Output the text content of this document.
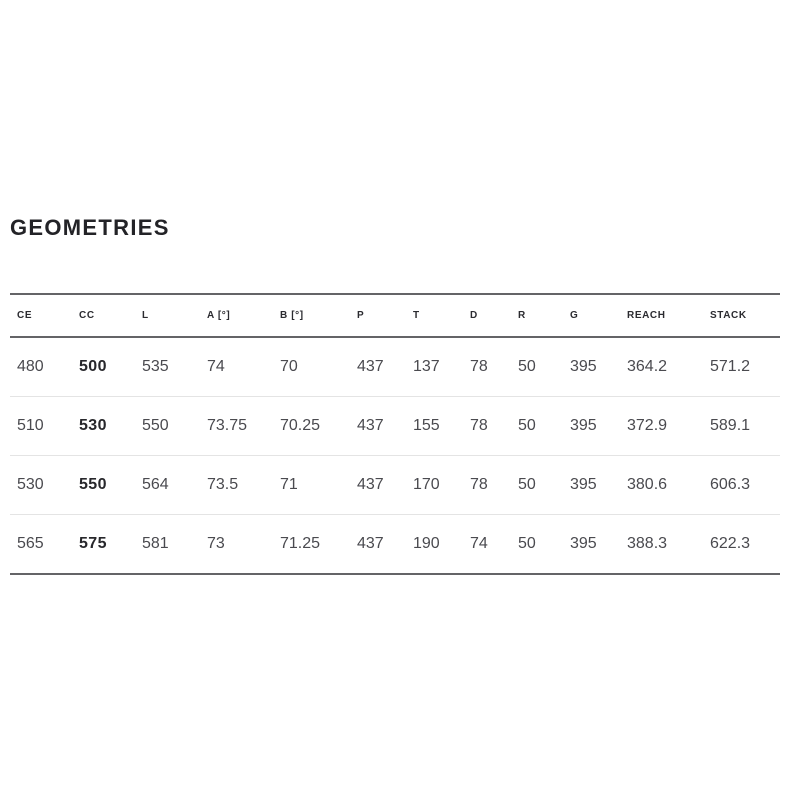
GEOMETRIES
CE	CC	L	A [°]	B [°]	P	T	D	R	G	REACH	STACK
480	500	535	74	70	437	137	78	50	395	364.2	571.2
510	530	550	73.75	70.25	437	155	78	50	395	372.9	589.1
530	550	564	73.5	71	437	170	78	50	395	380.6	606.3
565	575	581	73	71.25	437	190	74	50	395	388.3	622.3
